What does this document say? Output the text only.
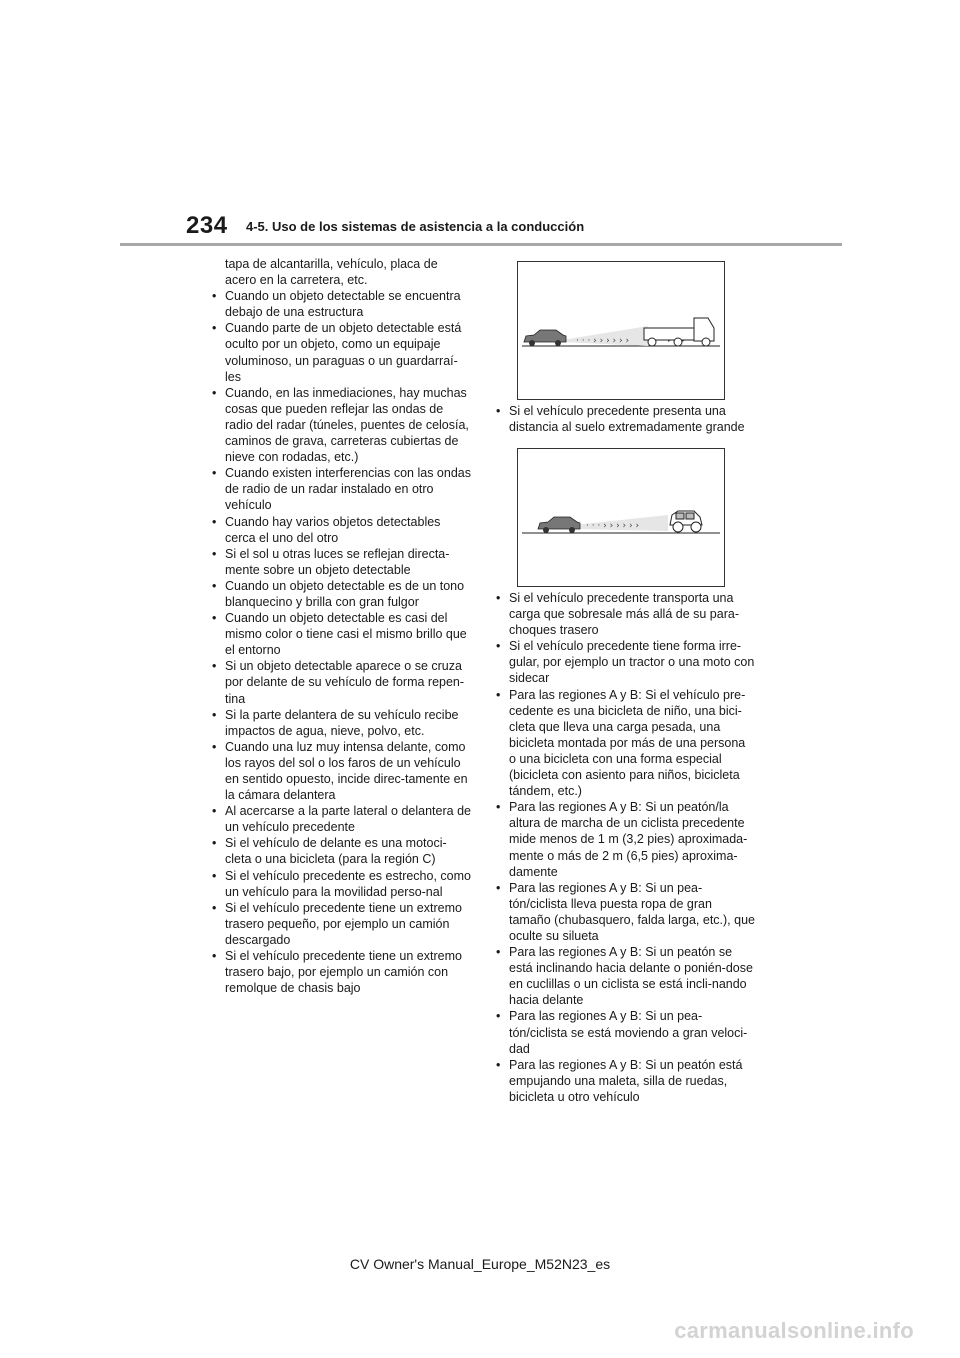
234 4-5. Uso de los sistemas de asistencia a la conducción

tapa de alcantarilla, vehículo, placa de acero en la carretera, etc.

• Cuando un objeto detectable se encuentra debajo de una estructura
• Cuando parte de un objeto detectable está oculto por un objeto, como un equipaje voluminoso, un paraguas o un guardarraí-les
• Cuando, en las inmediaciones, hay muchas cosas que pueden reflejar las ondas de radio del radar (túneles, puentes de celosía, caminos de grava, carreteras cubiertas de nieve con rodadas, etc.)
• Cuando existen interferencias con las ondas de radio de un radar instalado en otro vehículo
• Cuando hay varios objetos detectables cerca el uno del otro
• Si el sol u otras luces se reflejan directa-mente sobre un objeto detectable
• Cuando un objeto detectable es de un tono blanquecino y brilla con gran fulgor
• Cuando un objeto detectable es casi del mismo color o tiene casi el mismo brillo que el entorno
• Si un objeto detectable aparece o se cruza por delante de su vehículo de forma repen-tina
• Si la parte delantera de su vehículo recibe impactos de agua, nieve, polvo, etc.
• Cuando una luz muy intensa delante, como los rayos del sol o los faros de un vehículo en sentido opuesto, incide direc-tamente en la cámara delantera
• Al acercarse a la parte lateral o delantera de un vehículo precedente
• Si el vehículo de delante es una motoci-cleta o una bicicleta (para la región C)
• Si el vehículo precedente es estrecho, como un vehículo para la movilidad perso-nal
• Si el vehículo precedente tiene un extremo trasero pequeño, por ejemplo un camión descargado
• Si el vehículo precedente tiene un extremo trasero bajo, por ejemplo un camión con remolque de chasis bajo
· · · › › › › › ›
• Si el vehículo precedente presenta una distancia al suelo extremadamente grande
· · · › › › › › ›
• Si el vehículo precedente transporta una carga que sobresale más allá de su para-choques trasero
• Si el vehículo precedente tiene forma irre-gular, por ejemplo un tractor o una moto con sidecar
• Para las regiones A y B: Si el vehículo pre-cedente es una bicicleta de niño, una bici-cleta que lleva una carga pesada, una bicicleta montada por más de una persona o una bicicleta con una forma especial (bicicleta con asiento para niños, bicicleta tándem, etc.)
• Para las regiones A y B: Si un peatón/la altura de marcha de un ciclista precedente mide menos de 1 m (3,2 pies) aproximada-mente o más de 2 m (6,5 pies) aproxima-damente
• Para las regiones A y B: Si un pea-tón/ciclista lleva puesta ropa de gran tamaño (chubasquero, falda larga, etc.), que oculte su silueta
• Para las regiones A y B: Si un peatón se está inclinando hacia delante o ponién-dose en cuclillas o un ciclista se está incli-nando hacia delante
• Para las regiones A y B: Si un pea-tón/ciclista se está moviendo a gran veloci-dad
• Para las regiones A y B: Si un peatón está empujando una maleta, silla de ruedas, bicicleta u otro vehículo
CV Owner's Manual_Europe_M52N23_es
carmanualsonline.info
